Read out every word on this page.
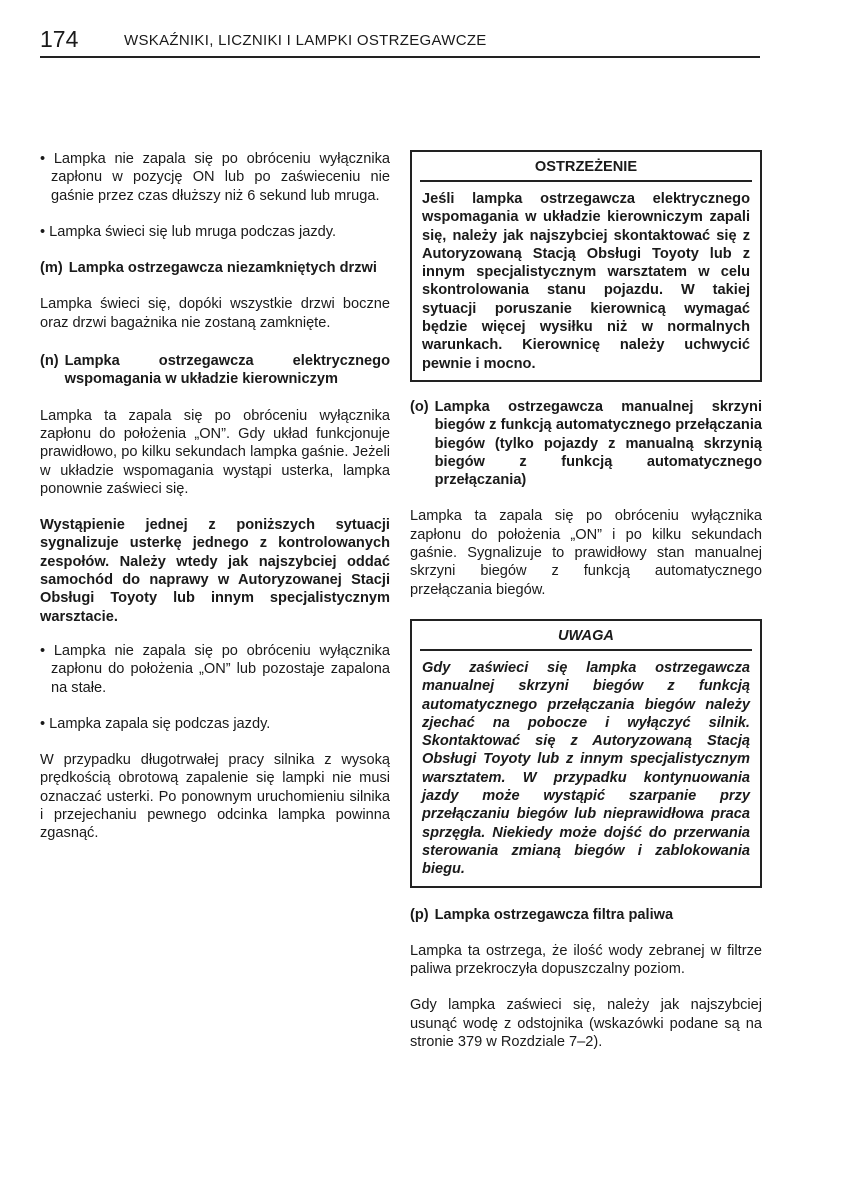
174	WSKAŹNIKI, LICZNIKI I LAMPKI OSTRZEGAWCZE

• Lampka nie zapala się po obróceniu wyłącznika zapłonu w pozycję ON lub po zaświeceniu nie gaśnie przez czas dłuższy niż 6 sekund lub mruga.

• Lampka świeci się lub mruga podczas jazdy.

(m) Lampka ostrzegawcza niezamkniętych drzwi

Lampka świeci się, dopóki wszystkie drzwi boczne oraz drzwi bagażnika nie zostaną zamknięte.

(n) Lampka ostrzegawcza elektrycznego wspomagania w układzie kierowniczym

Lampka ta zapala się po obróceniu wyłącznika zapłonu do położenia „ON”. Gdy układ funkcjonuje prawidłowo, po kilku sekundach lampka gaśnie. Jeżeli w układzie wspomagania wystąpi usterka, lampka ponownie zaświeci się.

Wystąpienie jednej z poniższych sytuacji sygnalizuje usterkę jednego z kontrolowanych zespołów. Należy wtedy jak najszybciej oddać samochód do naprawy w Autoryzowanej Stacji Obsługi Toyoty lub innym specjalistycznym warsztacie.

• Lampka nie zapala się po obróceniu wyłącznika zapłonu do położenia „ON” lub pozostaje zapalona na stałe.

• Lampka zapala się podczas jazdy.

W przypadku długotrwałej pracy silnika z wysoką prędkością obrotową zapalenie się lampki nie musi oznaczać usterki. Po ponownym uruchomieniu silnika i przejechaniu pewnego odcinka lampka powinna zgasnąć.

OSTRZEŻENIE

Jeśli lampka ostrzegawcza elektrycznego wspomagania w układzie kierowniczym zapali się, należy jak najszybciej skontaktować się z Autoryzowaną Stacją Obsługi Toyoty lub z innym specjalistycznym warsztatem w celu skontrolowania stanu pojazdu. W takiej sytuacji poruszanie kierownicą wymagać będzie więcej wysiłku niż w normalnych warunkach. Kierownicę należy uchwycić pewnie i mocno.

(o) Lampka ostrzegawcza manualnej skrzyni biegów z funkcją automatycznego przełączania biegów (tylko pojazdy z manualną skrzynią biegów z funkcją automatycznego przełączania)

Lampka ta zapala się po obróceniu wyłącznika zapłonu do położenia „ON” i po kilku sekundach gaśnie. Sygnalizuje to prawidłowy stan manualnej skrzyni biegów z funkcją automatycznego przełączania biegów.

UWAGA

Gdy zaświeci się lampka ostrzegawcza manualnej skrzyni biegów z funkcją automatycznego przełączania biegów należy zjechać na pobocze i wyłączyć silnik. Skontaktować się z Autoryzowaną Stacją Obsługi Toyoty lub z innym specjalistycznym warsztatem. W przypadku kontynuowania jazdy może wystąpić szarpanie przy przełączaniu biegów lub nieprawidłowa praca sprzęgła. Niekiedy może dojść do przerwania sterowania zmianą biegów i zablokowania biegu.

(p) Lampka ostrzegawcza filtra paliwa

Lampka ta ostrzega, że ilość wody zebranej w filtrze paliwa przekroczyła dopuszczalny poziom.

Gdy lampka zaświeci się, należy jak najszybciej usunąć wodę z odstojnika (wskazówki podane są na stronie 379 w Rozdziale 7–2).
